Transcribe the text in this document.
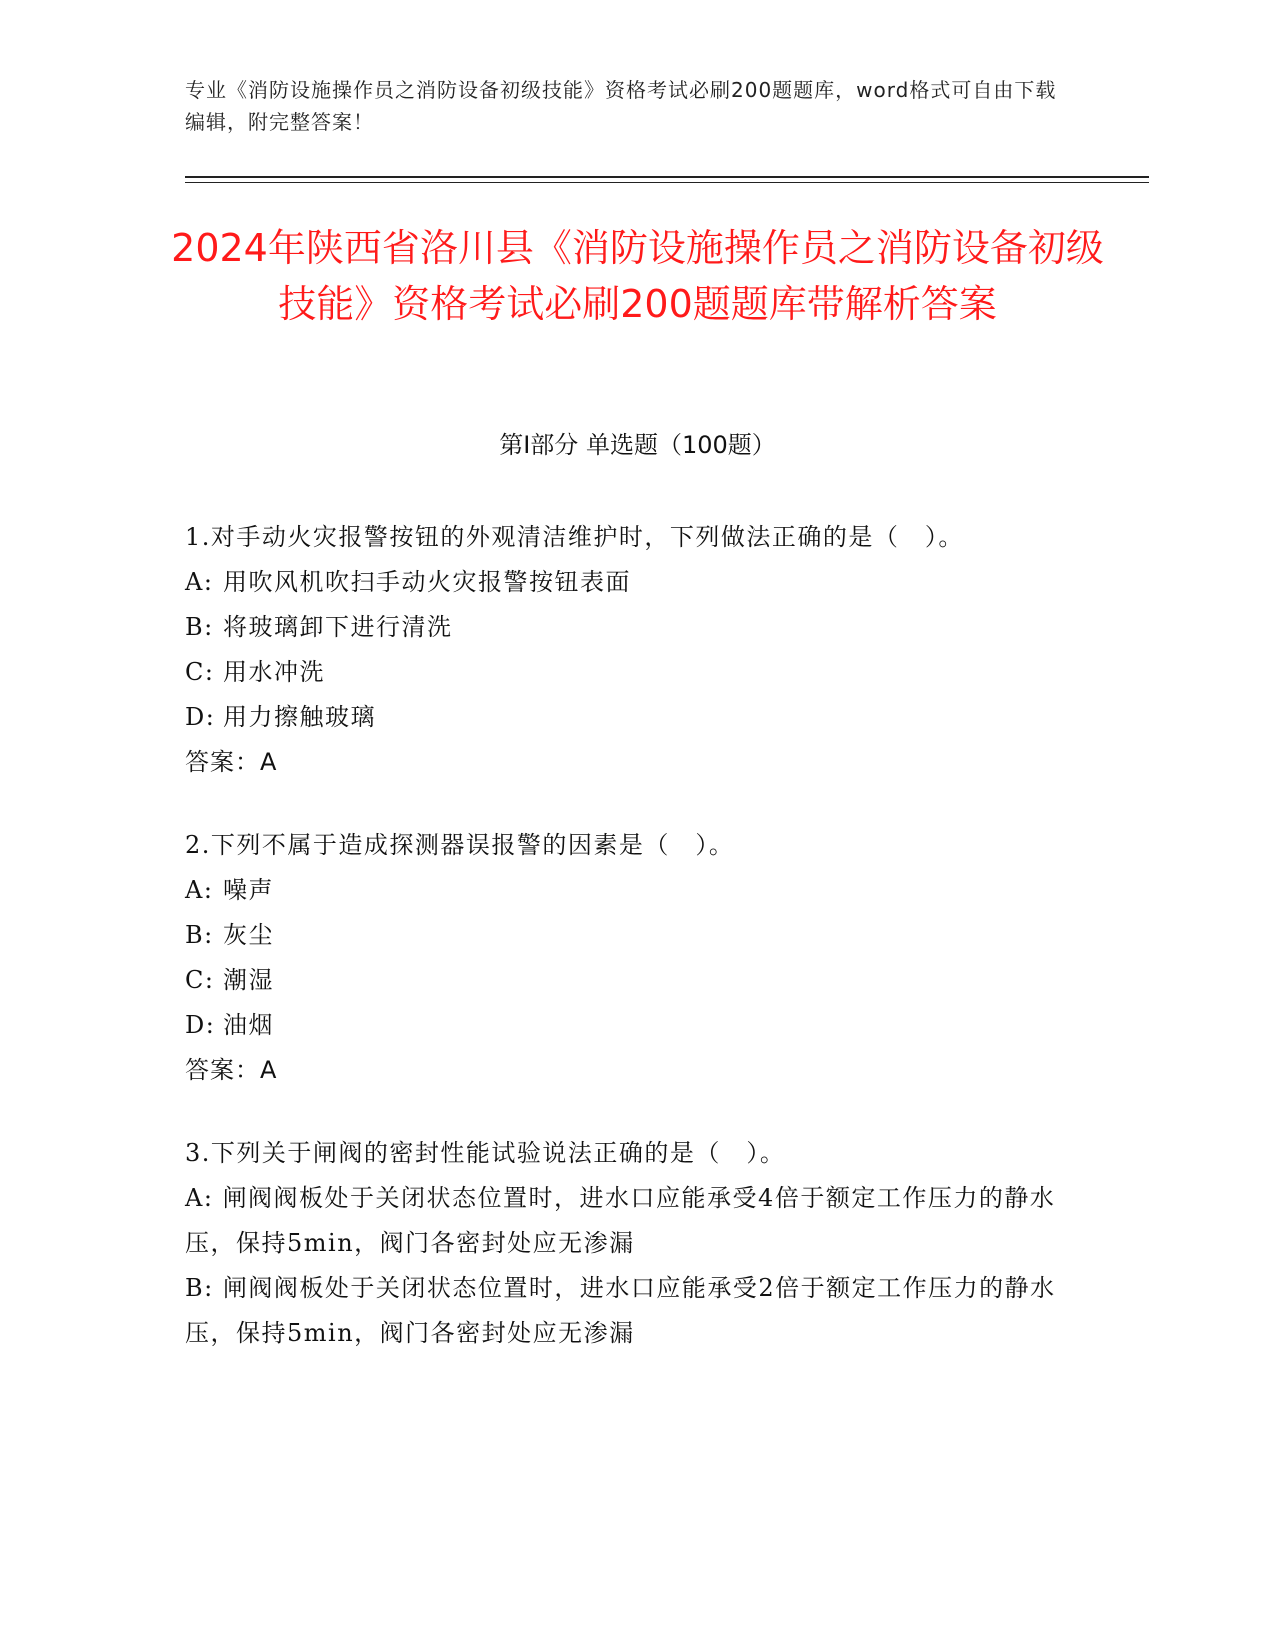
专业《消防设施操作员之消防设备初级技能》资格考试必刷200题题库，word格式可自由下载编辑，附完整答案！
2024年陕西省洛川县《消防设施操作员之消防设备初级技能》资格考试必刷200题题库带解析答案
第I部分 单选题（100题）
1.对手动火灾报警按钮的外观清洁维护时，下列做法正确的是（　）。
A: 用吹风机吹扫手动火灾报警按钮表面
B: 将玻璃卸下进行清洗
C: 用水冲洗
D: 用力擦触玻璃
答案：A
2.下列不属于造成探测器误报警的因素是（　）。
A: 噪声
B: 灰尘
C: 潮湿
D: 油烟
答案：A
3.下列关于闸阀的密封性能试验说法正确的是（　）。
A: 闸阀阀板处于关闭状态位置时，进水口应能承受4倍于额定工作压力的静水压，保持5min，阀门各密封处应无渗漏
B: 闸阀阀板处于关闭状态位置时，进水口应能承受2倍于额定工作压力的静水压，保持5min，阀门各密封处应无渗漏
